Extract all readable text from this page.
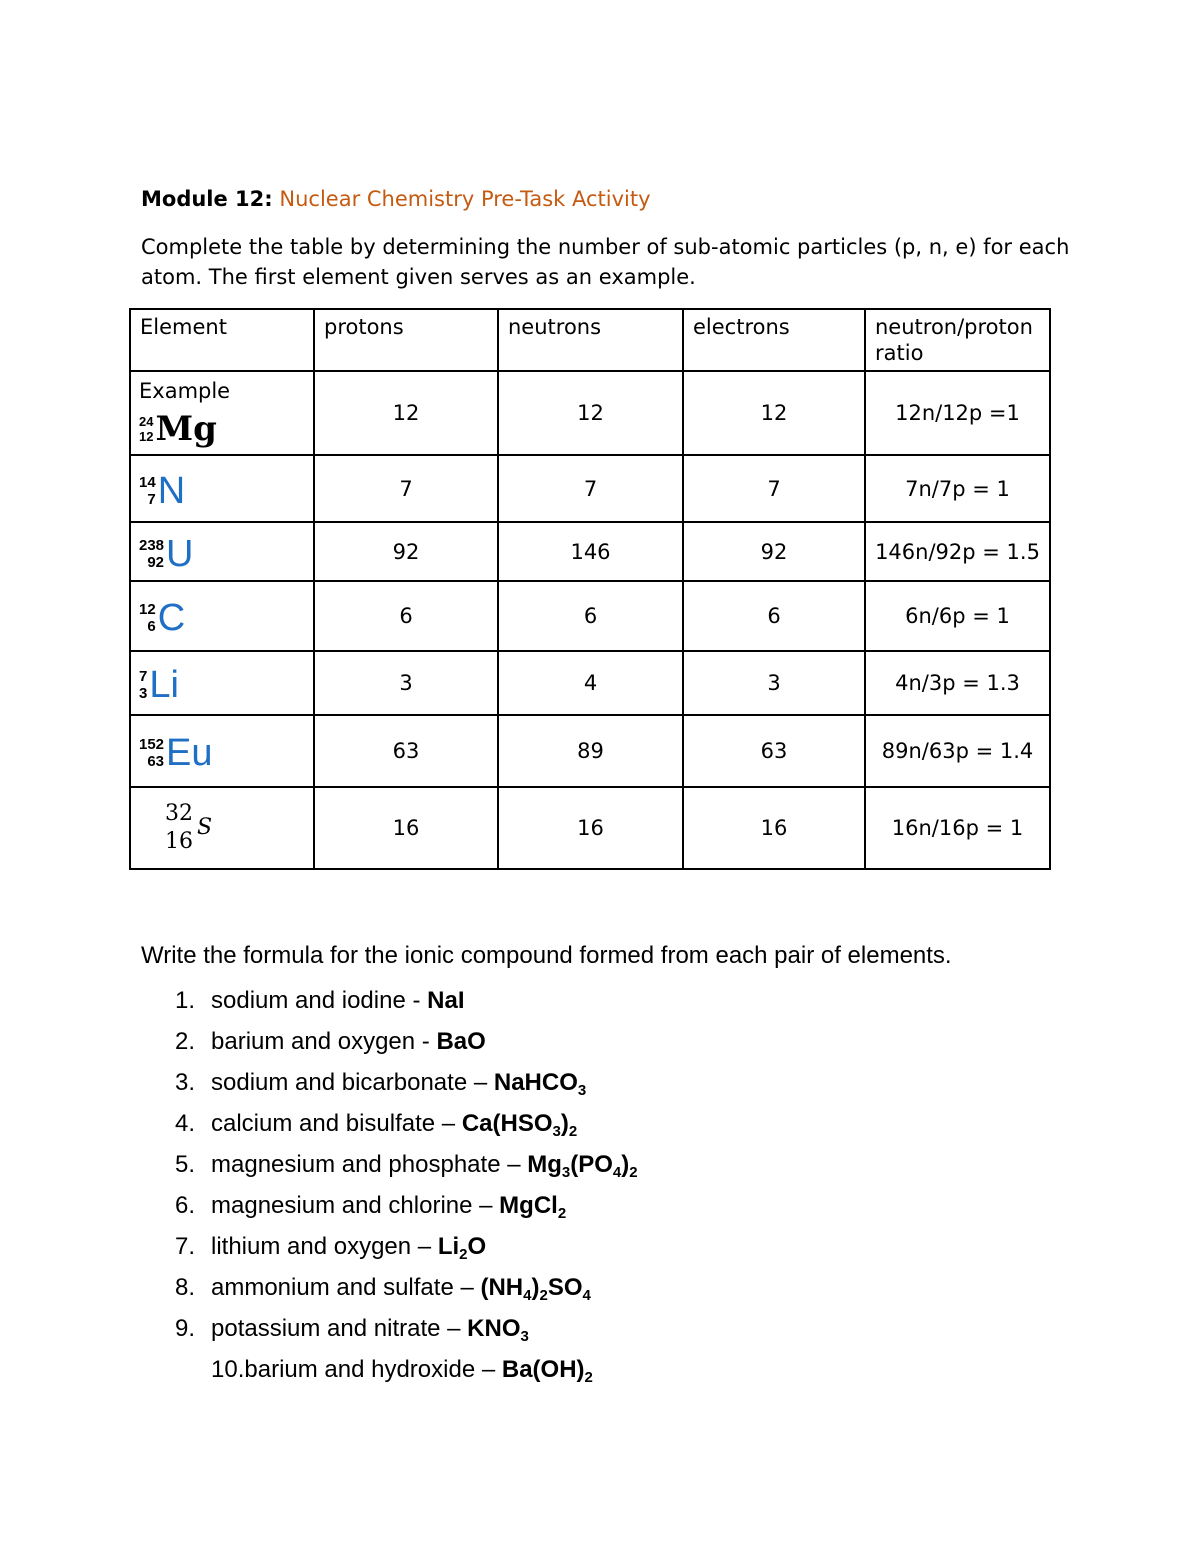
Module 12: Nuclear Chemistry Pre-Task Activity
Complete the table by determining the number of sub-atomic particles (p, n, e) for each atom. The first element given serves as an example.
Element	protons	neutrons	electrons	neutron/proton ratio

Example
24
12 Mg	12	12	12	12n/12p =1

14
7 N	7	7	7	7n/7p = 1

238
92 U	92	146	92	146n/92p = 1.5

12
6 C	6	6	6	6n/6p = 1

7
3 Li	3	4	3	4n/3p = 1.3

152
63 Eu	63	89	63	89n/63p = 1.4

32
16
S	16	16	16	16n/16p = 1
Write the formula for the ionic compound formed from each pair of elements.
1. sodium and iodine - NaI
2. barium and oxygen - BaO
3. sodium and bicarbonate – NaHCO$_3$
4. calcium and bisulfate – $Ca(HSO_3)_2$
5. magnesium and phosphate – $Mg_3(PO_4)_2$
6. magnesium and chlorine – MgCl$_2$
7. lithium and oxygen – $Li_2O$
8. ammonium and sulfate – $(NH_4)_2SO_4$
9. potassium and nitrate – $KNO_3$
10.barium and hydroxide – $Ba(OH)_2$
